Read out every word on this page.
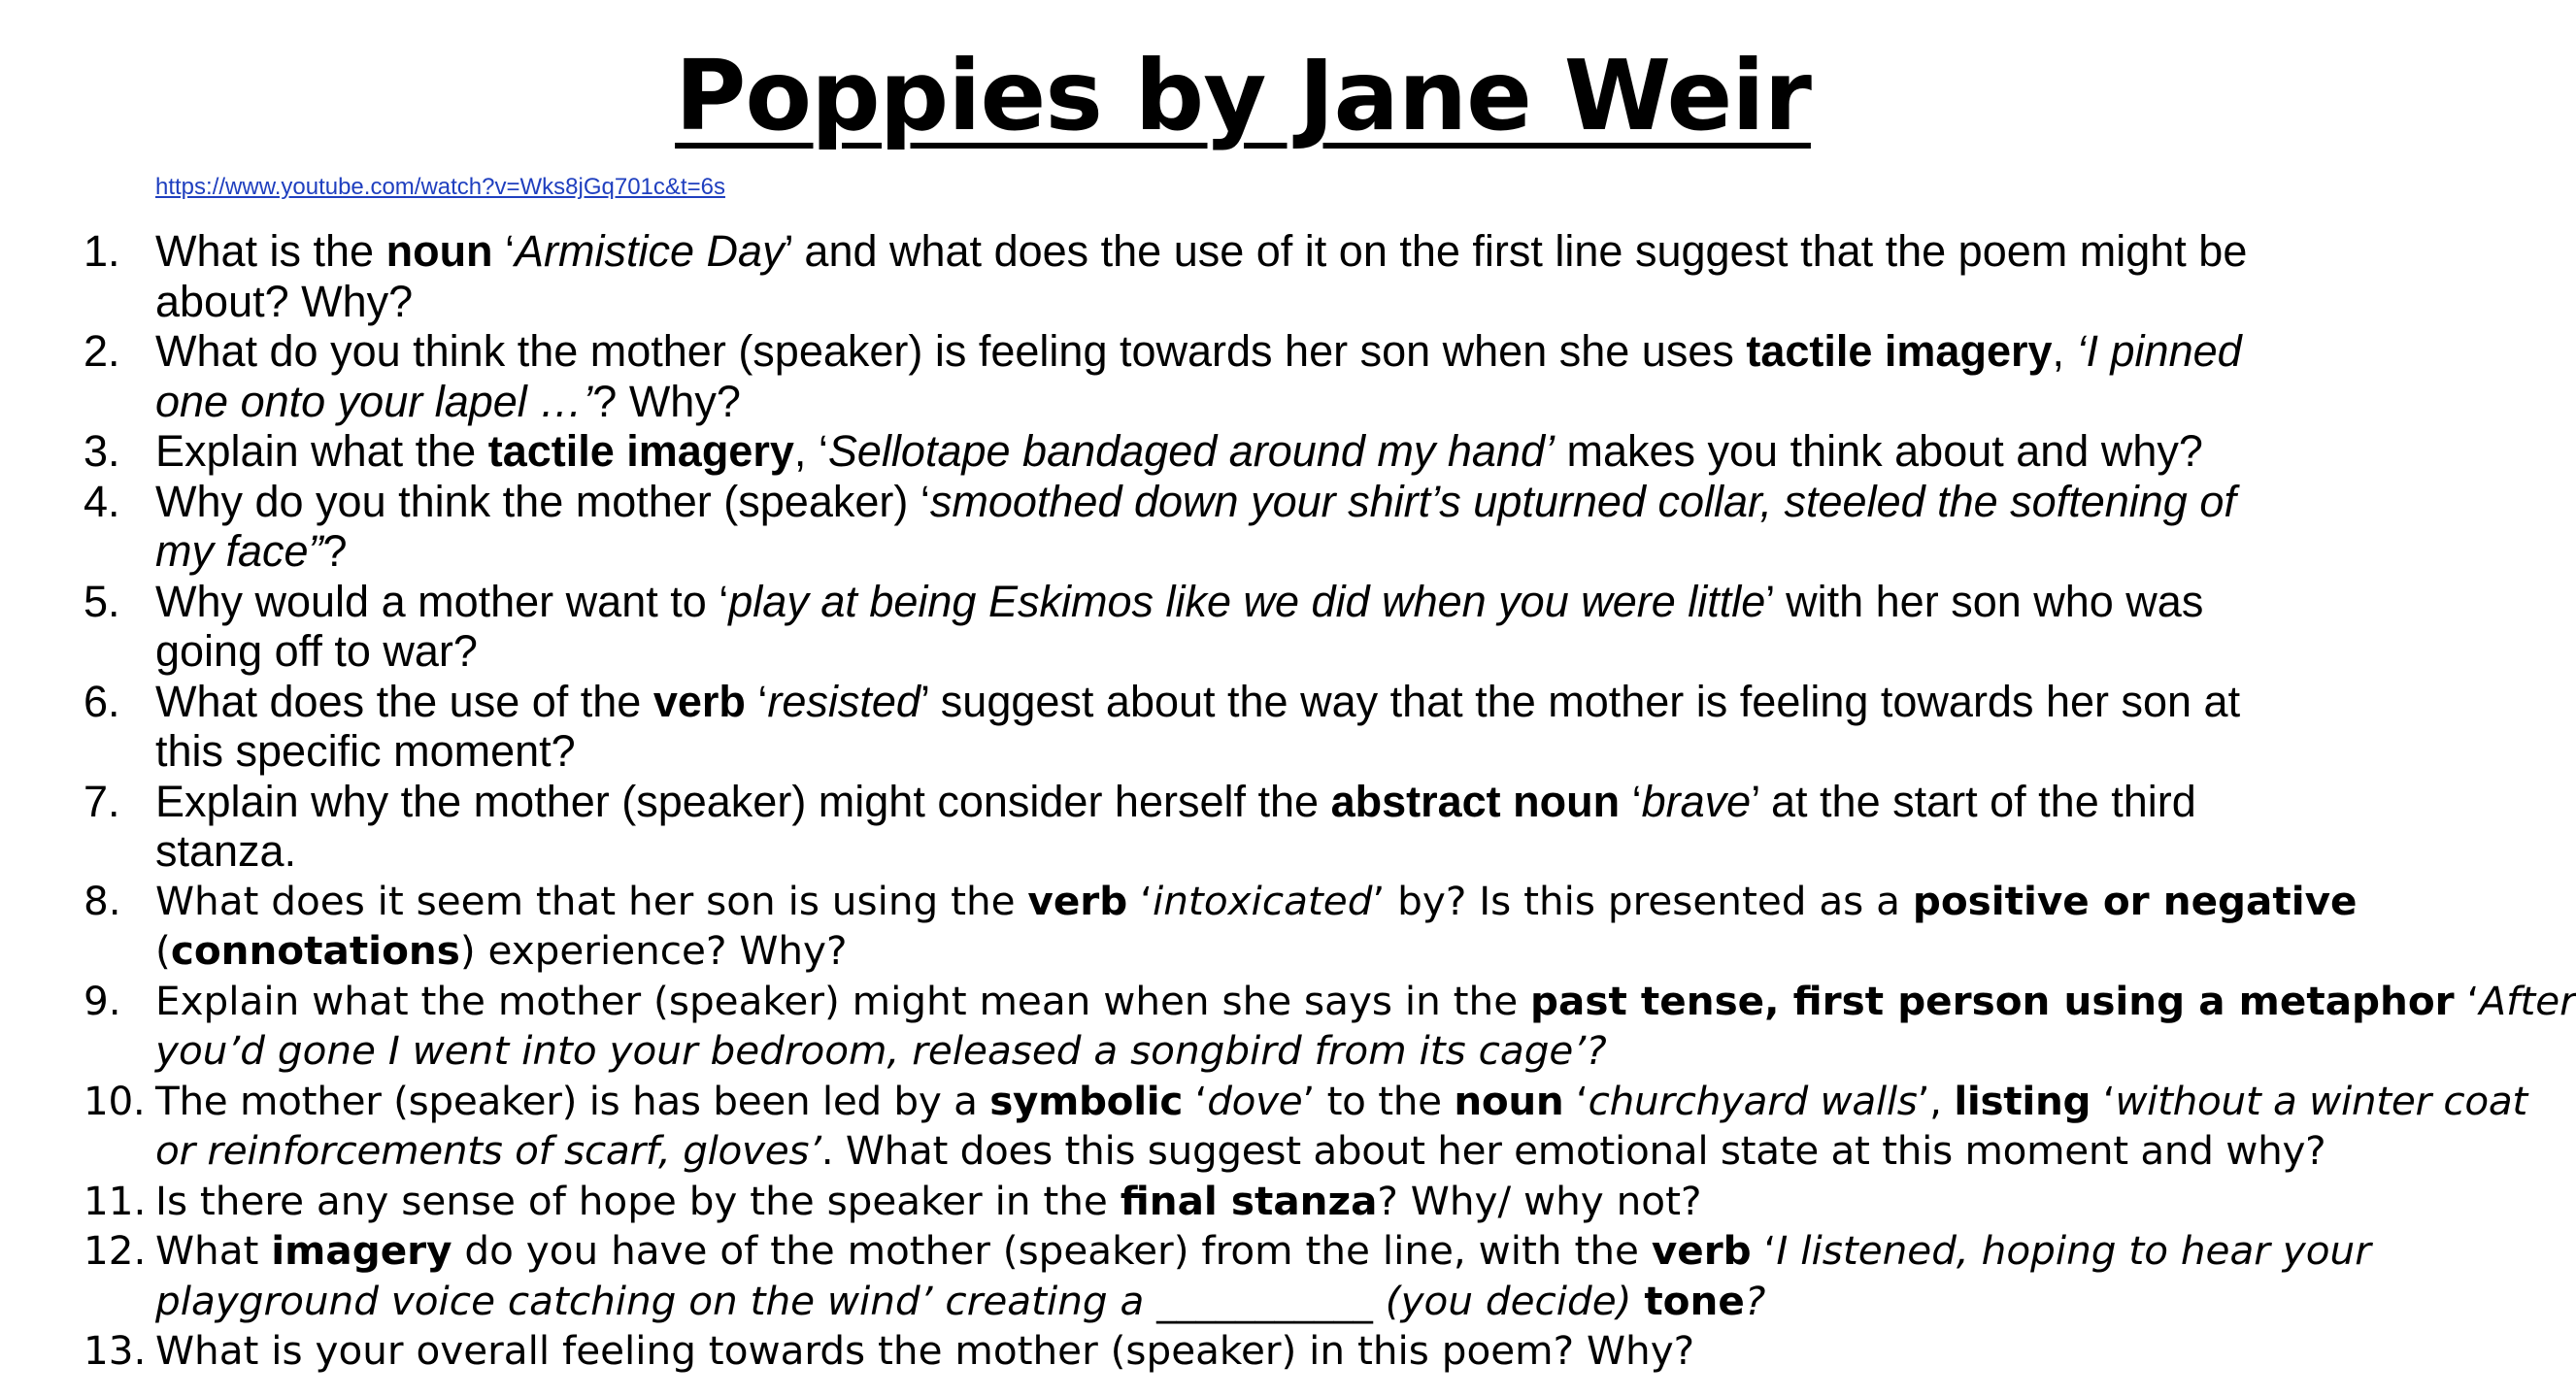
Poppies by Jane Weir
https://www.youtube.com/watch?v=Wks8jGq701c&t=6s
1. What is the noun ‘Armistice Day’ and what does the use of it on the first line suggest that the poem might be
about? Why?
2. What do you think the mother (speaker) is feeling towards her son when she uses tactile imagery, ‘I pinned
one onto your lapel …’? Why?
3. Explain what the tactile imagery, ‘Sellotape bandaged around my hand’ makes you think about and why?
4. Why do you think the mother (speaker) ‘smoothed down your shirt’s upturned collar, steeled the softening of
my face”?
5. Why would a mother want to ‘play at being Eskimos like we did when you were little’ with her son who was
going off to war?
6. What does the use of the verb ‘resisted’ suggest about the way that the mother is feeling towards her son at
this specific moment?
7. Explain why the mother (speaker) might consider herself the abstract noun ‘brave’ at the start of the third
stanza.
8. What does it seem that her son is using the verb ‘intoxicated’ by? Is this presented as a positive or negative
(connotations) experience? Why?
9. Explain what the mother (speaker) might mean when she says in the past tense, first person using a metaphor ‘After
you’d gone I went into your bedroom, released a songbird from its cage’?
10. The mother (speaker) is has been led by a symbolic ‘dove’ to the noun ‘churchyard walls’, listing ‘without a winter coat
or reinforcements of scarf, gloves’. What does this suggest about her emotional state at this moment and why?
11. Is there any sense of hope by the speaker in the final stanza? Why/ why not?
12. What imagery do you have of the mother (speaker) from the line, with the verb ‘I listened, hoping to hear your
playground voice catching on the wind’ creating a ___________ (you decide) tone?
13. What is your overall feeling towards the mother (speaker) in this poem? Why?
